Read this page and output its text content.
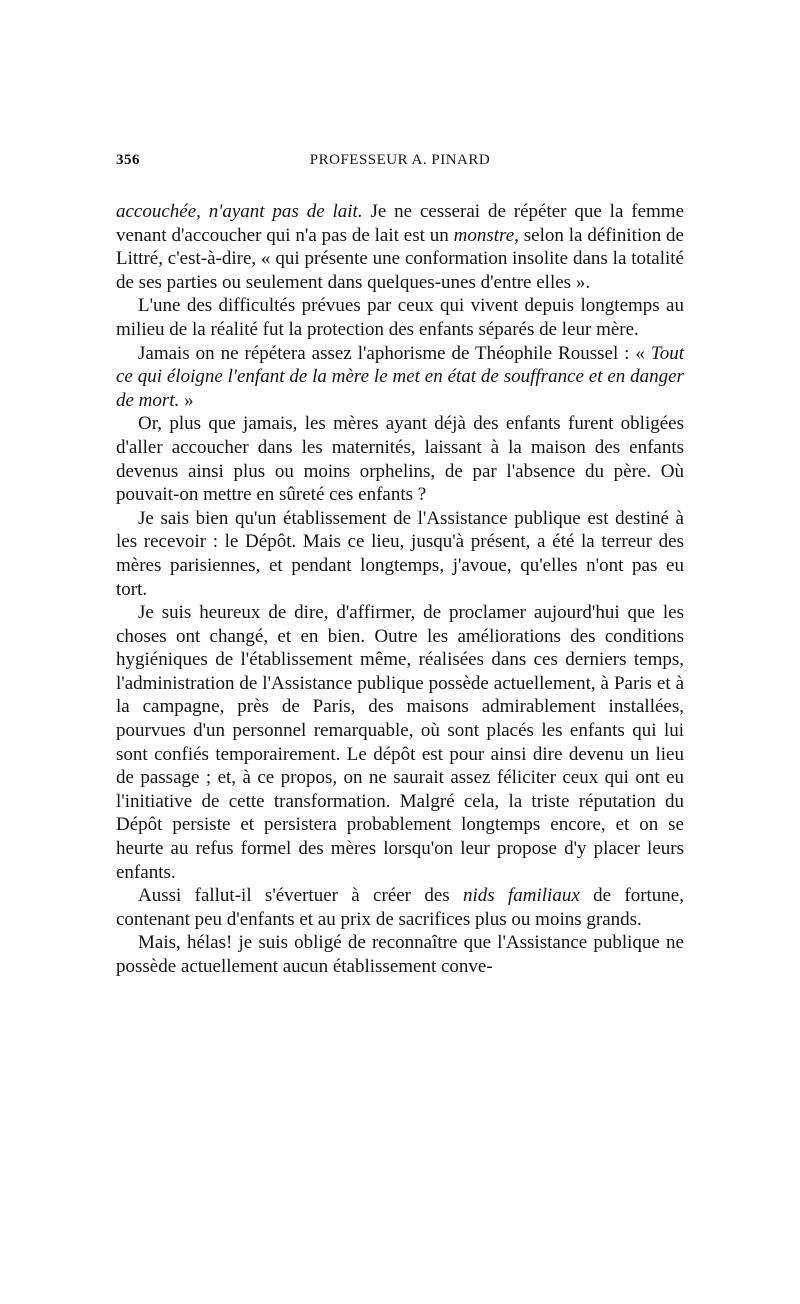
356	PROFESSEUR A. PINARD

accouchée, n'ayant pas de lait. Je ne cesserai de répéter que la femme venant d'accoucher qui n'a pas de lait est un monstre, selon la définition de Littré, c'est-à-dire, « qui présente une conformation insolite dans la totalité de ses parties ou seulement dans quelques-unes d'entre elles ».

L'une des difficultés prévues par ceux qui vivent depuis longtemps au milieu de la réalité fut la protection des enfants séparés de leur mère.

Jamais on ne répétera assez l'aphorisme de Théophile Roussel : « Tout ce qui éloigne l'enfant de la mère le met en état de souffrance et en danger de mort. »

Or, plus que jamais, les mères ayant déjà des enfants furent obligées d'aller accoucher dans les maternités, laissant à la maison des enfants devenus ainsi plus ou moins orphelins, de par l'absence du père. Où pouvait-on mettre en sûreté ces enfants ?

Je sais bien qu'un établissement de l'Assistance publique est destiné à les recevoir : le Dépôt. Mais ce lieu, jusqu'à présent, a été la terreur des mères parisiennes, et pendant longtemps, j'avoue, qu'elles n'ont pas eu tort.

Je suis heureux de dire, d'affirmer, de proclamer aujourd'hui que les choses ont changé, et en bien. Outre les améliorations des conditions hygiéniques de l'établissement même, réalisées dans ces derniers temps, l'administration de l'Assistance publique possède actuellement, à Paris et à la campagne, près de Paris, des maisons admirablement installées, pourvues d'un personnel remarquable, où sont placés les enfants qui lui sont confiés temporairement. Le dépôt est pour ainsi dire devenu un lieu de passage ; et, à ce propos, on ne saurait assez féliciter ceux qui ont eu l'initiative de cette transformation. Malgré cela, la triste réputation du Dépôt persiste et persistera probablement longtemps encore, et on se heurte au refus formel des mères lorsqu'on leur propose d'y placer leurs enfants.

Aussi fallut-il s'évertuer à créer des nids familiaux de fortune, contenant peu d'enfants et au prix de sacrifices plus ou moins grands.

Mais, hélas! je suis obligé de reconnaître que l'Assistance publique ne possède actuellement aucun établissement conve-
